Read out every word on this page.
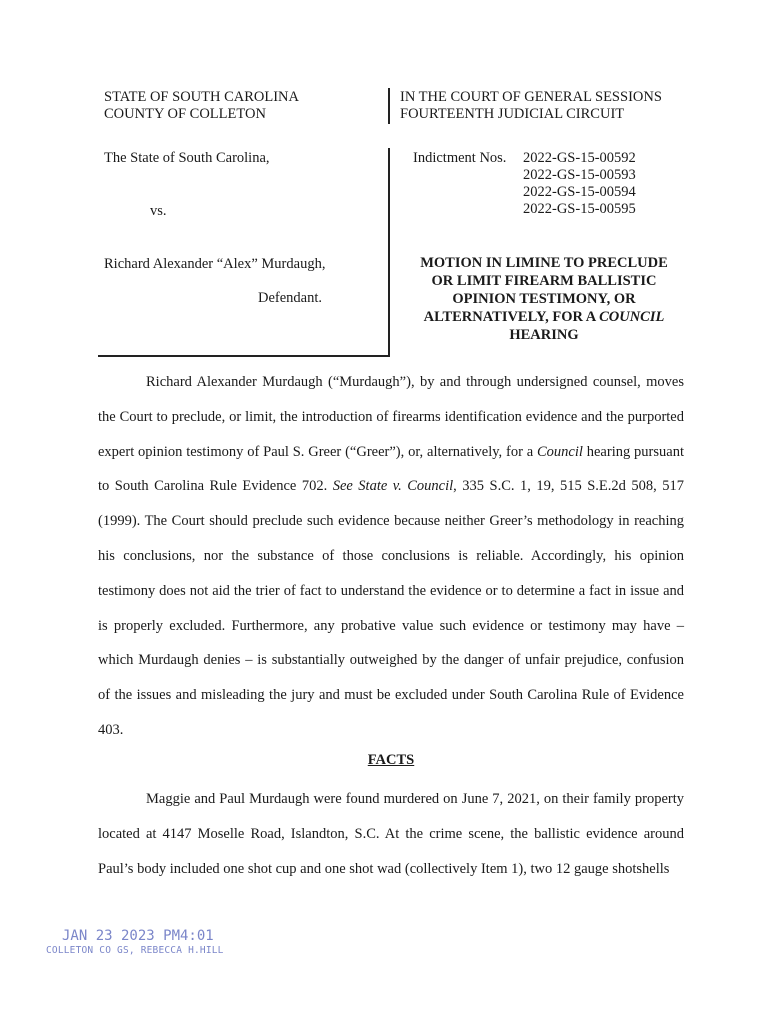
STATE OF SOUTH CAROLINA
COUNTY OF COLLETON
IN THE COURT OF GENERAL SESSIONS
FOURTEENTH JUDICIAL CIRCUIT
The State of South Carolina,
vs.
Richard Alexander “Alex” Murdaugh,
Defendant.
Indictment Nos. 2022-GS-15-00592
2022-GS-15-00593
2022-GS-15-00594
2022-GS-15-00595
MOTION IN LIMINE TO PRECLUDE
OR LIMIT FIREARM BALLISTIC
OPINION TESTIMONY, OR
ALTERNATIVELY, FOR A COUNCIL
HEARING
Richard Alexander Murdaugh (“Murdaugh”), by and through undersigned counsel, moves the Court to preclude, or limit, the introduction of firearms identification evidence and the purported expert opinion testimony of Paul S. Greer (“Greer”), or, alternatively, for a Council hearing pursuant to South Carolina Rule Evidence 702. See State v. Council, 335 S.C. 1, 19, 515 S.E.2d 508, 517 (1999). The Court should preclude such evidence because neither Greer’s methodology in reaching his conclusions, nor the substance of those conclusions is reliable. Accordingly, his opinion testimony does not aid the trier of fact to understand the evidence or to determine a fact in issue and is properly excluded. Furthermore, any probative value such evidence or testimony may have – which Murdaugh denies – is substantially outweighed by the danger of unfair prejudice, confusion of the issues and misleading the jury and must be excluded under South Carolina Rule of Evidence 403.
FACTS
Maggie and Paul Murdaugh were found murdered on June 7, 2021, on their family property located at 4147 Moselle Road, Islandton, S.C. At the crime scene, the ballistic evidence around Paul’s body included one shot cup and one shot wad (collectively Item 1), two 12 gauge shotshells
JAN 23 2023 PM4:01
COLLETON CO GS, REBECCA H.HILL
